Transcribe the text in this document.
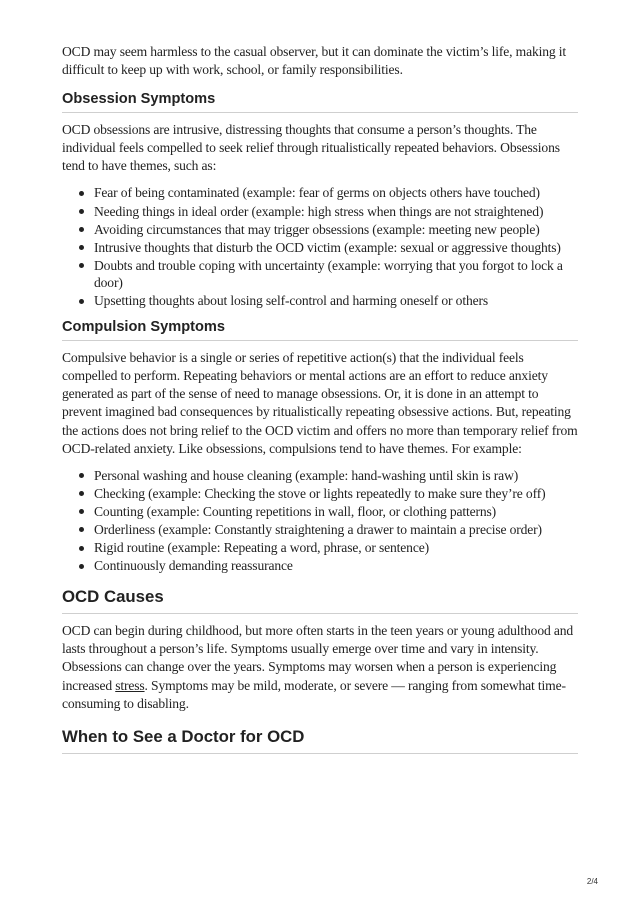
OCD may seem harmless to the casual observer, but it can dominate the victim’s life, making it difficult to keep up with work, school, or family responsibilities.

Obsession Symptoms

OCD obsessions are intrusive, distressing thoughts that consume a person’s thoughts. The individual feels compelled to seek relief through ritualistically repeated behaviors. Obsessions tend to have themes, such as:

Fear of being contaminated (example: fear of germs on objects others have touched)
Needing things in ideal order (example: high stress when things are not straightened)
Avoiding circumstances that may trigger obsessions (example: meeting new people)
Intrusive thoughts that disturb the OCD victim (example: sexual or aggressive thoughts)
Doubts and trouble coping with uncertainty (example: worrying that you forgot to lock a door)
Upsetting thoughts about losing self-control and harming oneself or others
Compulsion Symptoms

Compulsive behavior is a single or series of repetitive action(s) that the individual feels compelled to perform. Repeating behaviors or mental actions are an effort to reduce anxiety generated as part of the sense of need to manage obsessions. Or, it is done in an attempt to prevent imagined bad consequences by ritualistically repeating obsessive actions. But, repeating the actions does not bring relief to the OCD victim and offers no more than temporary relief from OCD-related anxiety. Like obsessions, compulsions tend to have themes. For example:

Personal washing and house cleaning (example: hand-washing until skin is raw)
Checking (example: Checking the stove or lights repeatedly to make sure they’re off)
Counting (example: Counting repetitions in wall, floor, or clothing patterns)
Orderliness (example: Constantly straightening a drawer to maintain a precise order)
Rigid routine (example: Repeating a word, phrase, or sentence)
Continuously demanding reassurance
OCD Causes

OCD can begin during childhood, but more often starts in the teen years or young adulthood and lasts throughout a person’s life. Symptoms usually emerge over time and vary in intensity. Obsessions can change over the years. Symptoms may worsen when a person is experiencing increased stress. Symptoms may be mild, moderate, or severe — ranging from somewhat time-consuming to disabling.

When to See a Doctor for OCD
2/4
